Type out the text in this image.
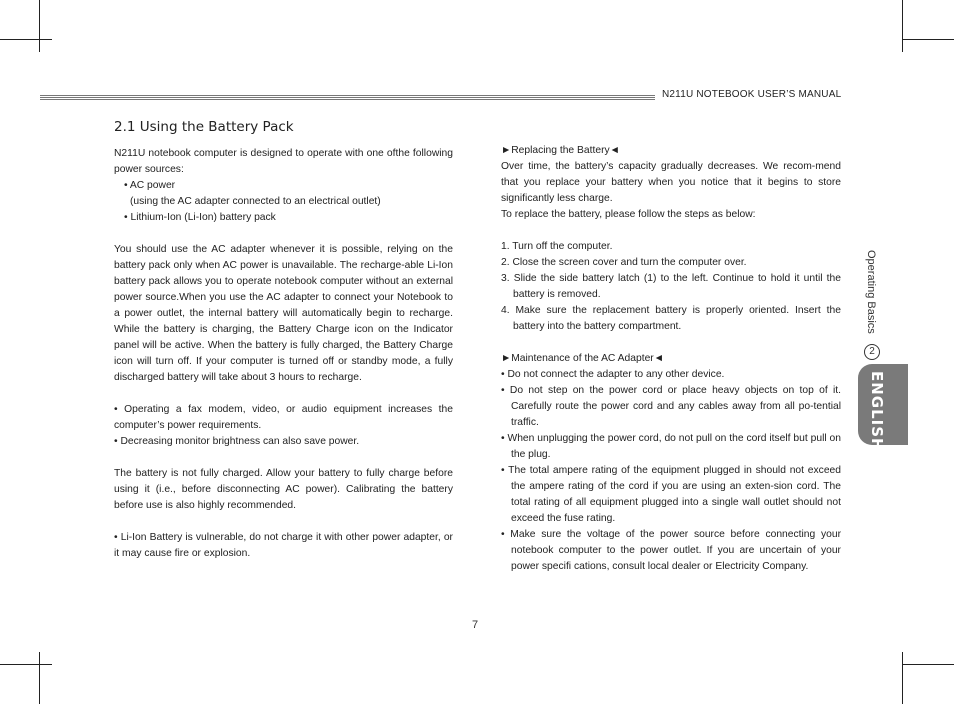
N211U NOTEBOOK USER’S MANUAL
2.1 Using the Battery Pack

N211U notebook computer is designed to operate with one ofthe following power sources:

• AC power

(using the AC adapter connected to an electrical outlet)

• Lithium-Ion (Li-Ion) battery pack

You should use the AC adapter whenever it is possible, relying on the battery pack only when AC power is unavailable. The recharge-able Li-Ion battery pack allows you to operate notebook computer without an external power source.When you use the AC adapter to connect your Notebook to a power outlet, the internal battery will automatically begin to recharge. While the battery is charging, the Battery Charge icon on the Indicator panel will be active. When the battery is fully charged, the Battery Charge icon will turn off. If your computer is turned off or standby mode, a fully discharged battery will take about 3 hours to recharge.

• Operating a fax modem, video, or audio equipment increases the computer’s power requirements.

• Decreasing monitor brightness can also save power.

The battery is not fully charged. Allow your battery to fully charge before using it (i.e., before disconnecting AC power). Calibrating the battery before use is also highly recommended.

• Li-Ion Battery is vulnerable, do not charge it with other power adapter, or it may cause fire or explosion.

►Replacing the Battery◄

Over time, the battery’s capacity gradually decreases. We recom-mend that you replace your battery when you notice that it begins to store significantly less charge.

To replace the battery, please follow the steps as below:

1. Turn off the computer.

2. Close the screen cover and turn the computer over.

3. Slide the side battery latch (1) to the left. Continue to hold it until the battery is removed.

4. Make sure the replacement battery is properly oriented. Insert the battery into the battery compartment.

►Maintenance of the AC Adapter◄

• Do not connect the adapter to any other device.

• Do not step on the power cord or place heavy objects on top of it. Carefully route the power cord and any cables away from all po-tential traffic.

• When unplugging the power cord, do not pull on the cord itself but pull on the plug.

• The total ampere rating of the equipment plugged in should not exceed the ampere rating of the cord if you are using an exten-sion cord. The total rating of all equipment plugged into a single wall outlet should not exceed the fuse rating.

• Make sure the voltage of the power source before connecting your notebook computer to the power outlet. If you are uncertain of your power specifi cations, consult local dealer or Electricity Company.

7
Operating Basics
2
ENGLISH
